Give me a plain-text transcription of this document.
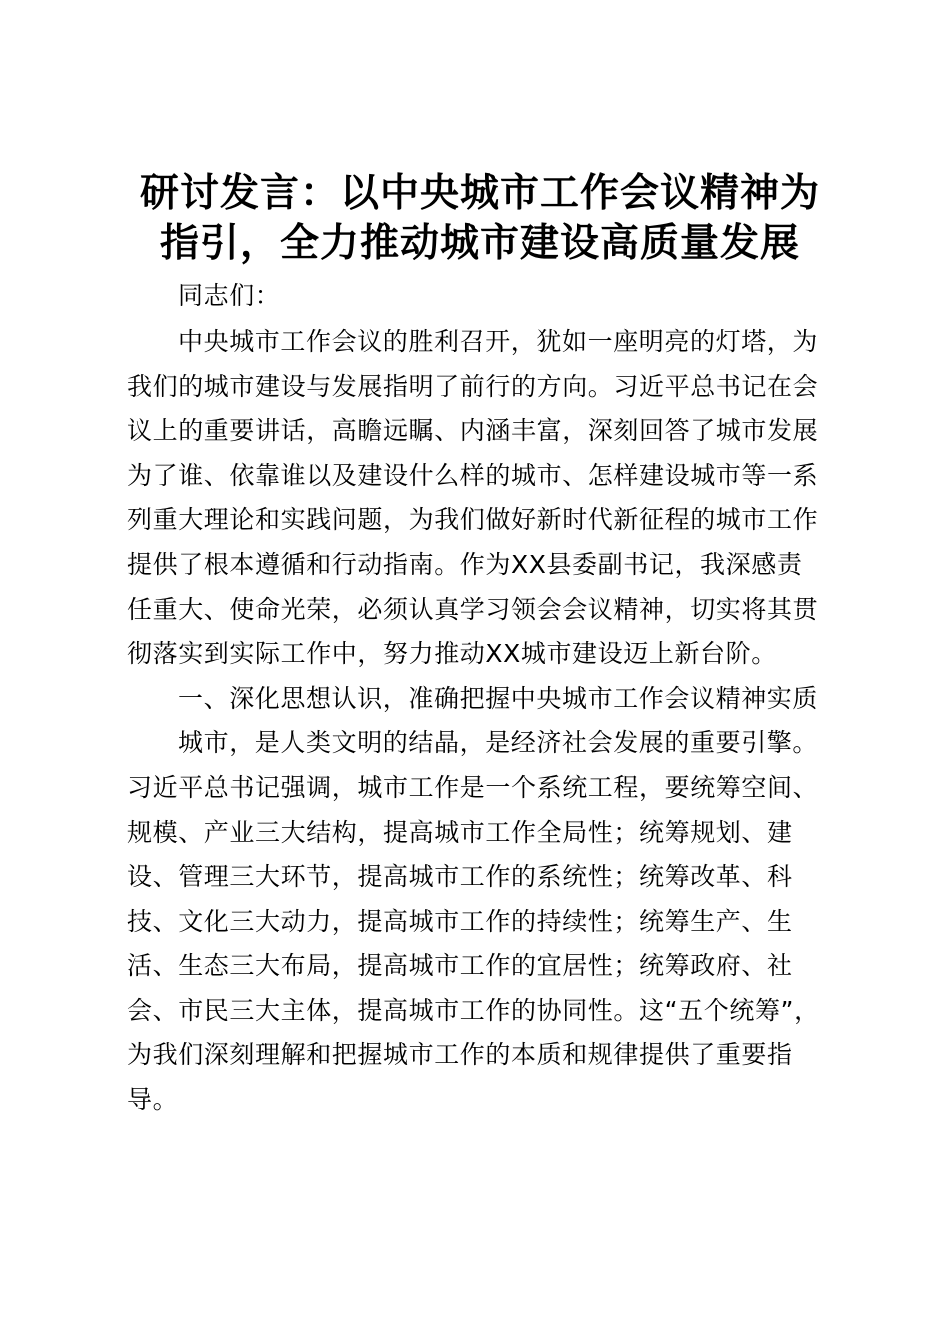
研讨发言：以中央城市工作会议精神为
指引，全力推动城市建设高质量发展
同志们：
中央城市工作会议的胜利召开，犹如一座明亮的灯塔，为
我们的城市建设与发展指明了前行的方向。习近平总书记在会
议上的重要讲话，高瞻远瞩、内涵丰富，深刻回答了城市发展
为了谁、依靠谁以及建设什么样的城市、怎样建设城市等一系
列重大理论和实践问题，为我们做好新时代新征程的城市工作
提供了根本遵循和行动指南。作为XX县委副书记，我深感责
任重大、使命光荣，必须认真学习领会会议精神，切实将其贯
彻落实到实际工作中，努力推动XX城市建设迈上新台阶。
一、深化思想认识，准确把握中央城市工作会议精神实质
城市，是人类文明的结晶，是经济社会发展的重要引擎。
习近平总书记强调，城市工作是一个系统工程，要统筹空间、
规模、产业三大结构，提高城市工作全局性；统筹规划、建
设、管理三大环节，提高城市工作的系统性；统筹改革、科
技、文化三大动力，提高城市工作的持续性；统筹生产、生
活、生态三大布局，提高城市工作的宜居性；统筹政府、社
会、市民三大主体，提高城市工作的协同性。这“五个统筹”，
为我们深刻理解和把握城市工作的本质和规律提供了重要指
导。
